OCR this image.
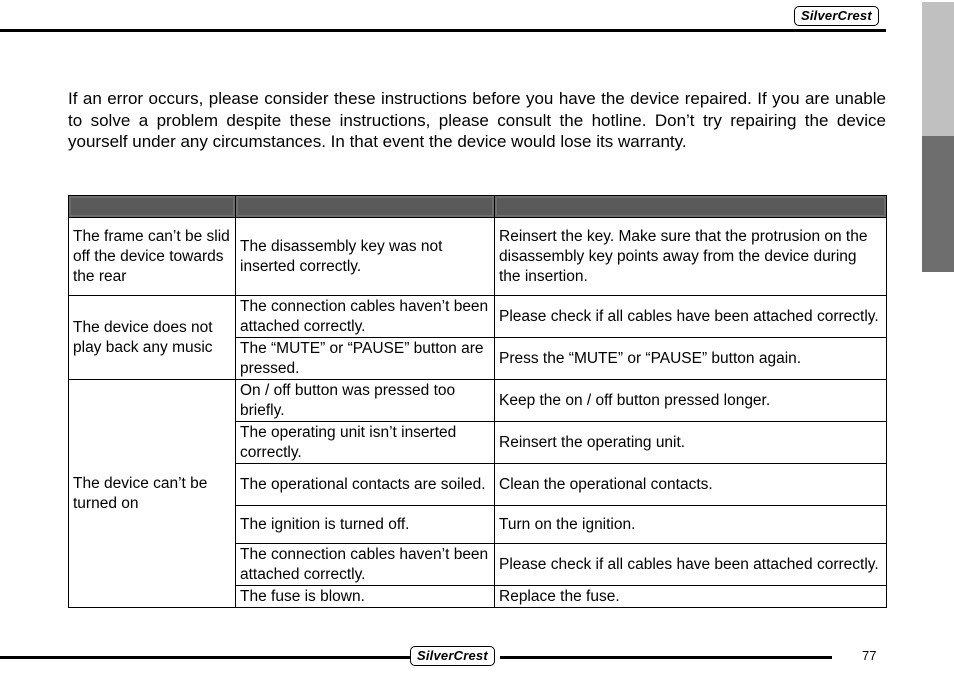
SilverCrest

If an error occurs, please consider these instructions before you have the device repaired. If you are unable to solve a problem despite these instructions, please consult the hotline. Don’t try repairing the device yourself under any circumstances. In that event the device would lose its warranty.

The frame can’t be slid off the device towards the rear	The disassembly key was not inserted correctly.	Reinsert the key. Make sure that the protrusion on the disassembly key points away from the device during the insertion.
The device does not play back any music	The connection cables haven’t been attached correctly.	Please check if all cables have been attached correctly.
	The “MUTE” or “PAUSE” button are pressed.	Press the “MUTE” or “PAUSE” button again.
The device can’t be turned on	On / off button was pressed too briefly.	Keep the on / off button pressed longer.
	The operating unit isn’t inserted correctly.	Reinsert the operating unit.
	The operational contacts are soiled.	Clean the operational contacts.
	The ignition is turned off.	Turn on the ignition.
	The connection cables haven’t been attached correctly.	Please check if all cables have been attached correctly.
	The fuse is blown.	Replace the fuse.
SilverCrest	77
